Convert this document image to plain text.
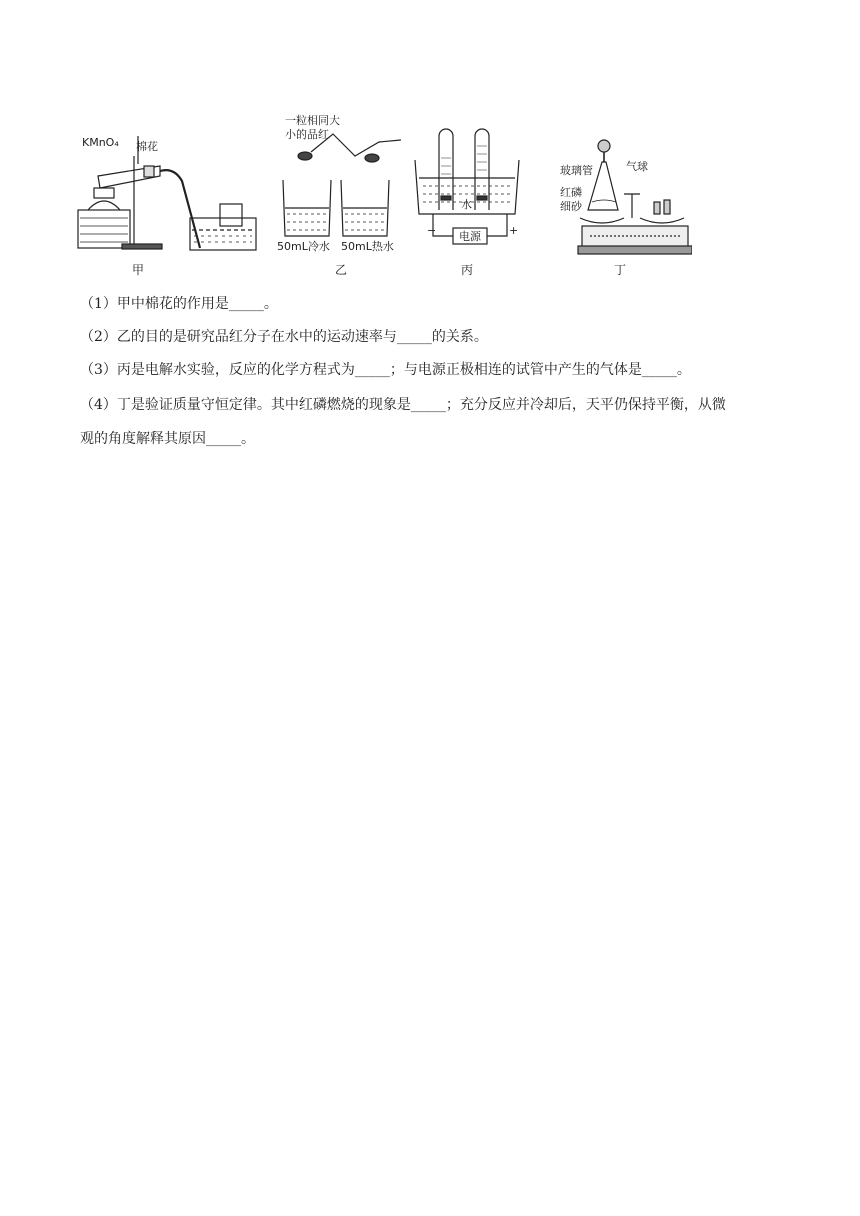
KMnO₄ 棉花
甲
一粒相同大
小的品红
50mL冷水 50mL热水
乙
水
电源
−	+
丙
玻璃管	气球
红磷
细砂
丁
（1）甲中棉花的作用是_____。
（2）乙的目的是研究品红分子在水中的运动速率与_____的关系。
（3）丙是电解水实验，反应的化学方程式为_____；与电源正极相连的试管中产生的气体是_____。
（4）丁是验证质量守恒定律。其中红磷燃烧的现象是_____；充分反应并冷却后，天平仍保持平衡，从微
观的角度解释其原因_____。
